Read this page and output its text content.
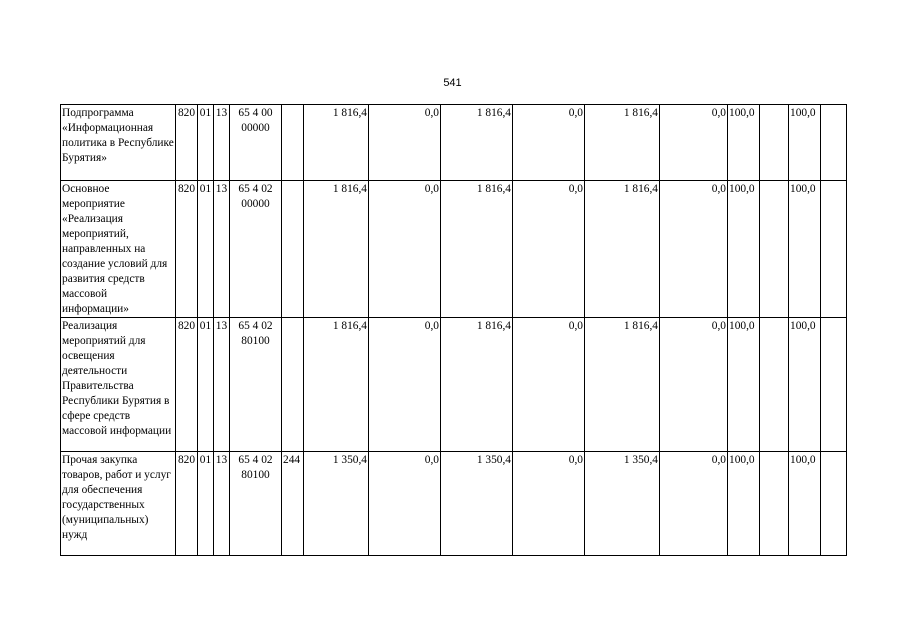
541
Подпрограмма «Информационная политика в Республике Бурятия»	820	01	13	65 4 00 00000		1 816,4	0,0	1 816,4	0,0	1 816,4	0,0	100,0		100,0	
Основное мероприятие «Реализация мероприятий, направленных на создание условий для развития средств массовой информации»	820	01	13	65 4 02 00000		1 816,4	0,0	1 816,4	0,0	1 816,4	0,0	100,0		100,0	
Реализация мероприятий для освещения деятельности Правительства Республики Бурятия в сфере средств массовой информации	820	01	13	65 4 02 80100		1 816,4	0,0	1 816,4	0,0	1 816,4	0,0	100,0		100,0	
Прочая закупка товаров, работ и услуг для обеспечения государственных (муниципальных) нужд	820	01	13	65 4 02 80100	244	1 350,4	0,0	1 350,4	0,0	1 350,4	0,0	100,0		100,0	
